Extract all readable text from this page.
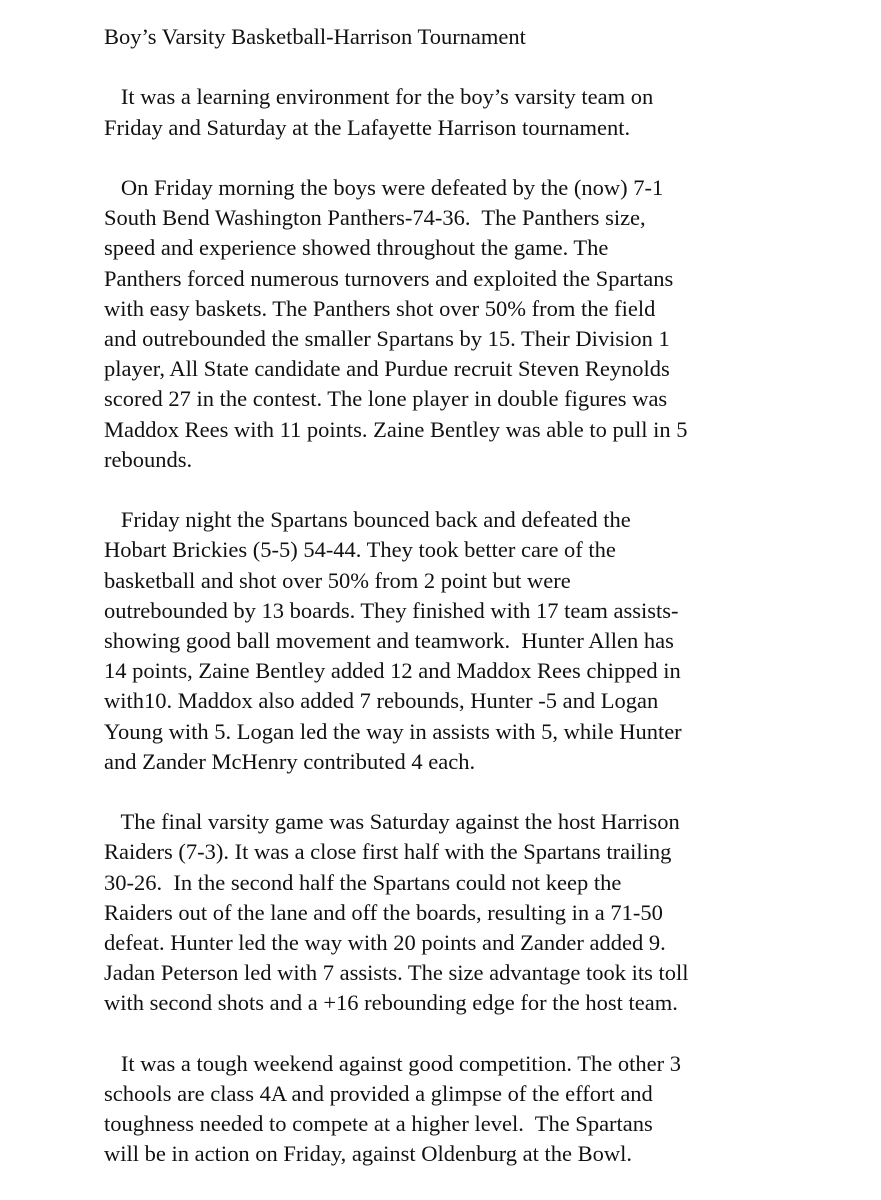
Boy’s Varsity Basketball-Harrison Tournament
It was a learning environment for the boy’s varsity team on
Friday and Saturday at the Lafayette Harrison tournament.
On Friday morning the boys were defeated by the (now) 7-1
South Bend Washington Panthers-74-36.  The Panthers size,
speed and experience showed throughout the game. The
Panthers forced numerous turnovers and exploited the Spartans
with easy baskets. The Panthers shot over 50% from the field
and outrebounded the smaller Spartans by 15. Their Division 1
player, All State candidate and Purdue recruit Steven Reynolds
scored 27 in the contest. The lone player in double figures was
Maddox Rees with 11 points. Zaine Bentley was able to pull in 5
rebounds.
Friday night the Spartans bounced back and defeated the
Hobart Brickies (5-5) 54-44. They took better care of the
basketball and shot over 50% from 2 point but were
outrebounded by 13 boards. They finished with 17 team assists-
showing good ball movement and teamwork.  Hunter Allen has
14 points, Zaine Bentley added 12 and Maddox Rees chipped in
with10. Maddox also added 7 rebounds, Hunter -5 and Logan
Young with 5. Logan led the way in assists with 5, while Hunter
and Zander McHenry contributed 4 each.
The final varsity game was Saturday against the host Harrison
Raiders (7-3). It was a close first half with the Spartans trailing
30-26.  In the second half the Spartans could not keep the
Raiders out of the lane and off the boards, resulting in a 71-50
defeat. Hunter led the way with 20 points and Zander added 9.
Jadan Peterson led with 7 assists. The size advantage took its toll
with second shots and a +16 rebounding edge for the host team.
It was a tough weekend against good competition. The other 3
schools are class 4A and provided a glimpse of the effort and
toughness needed to compete at a higher level.  The Spartans
will be in action on Friday, against Oldenburg at the Bowl.
